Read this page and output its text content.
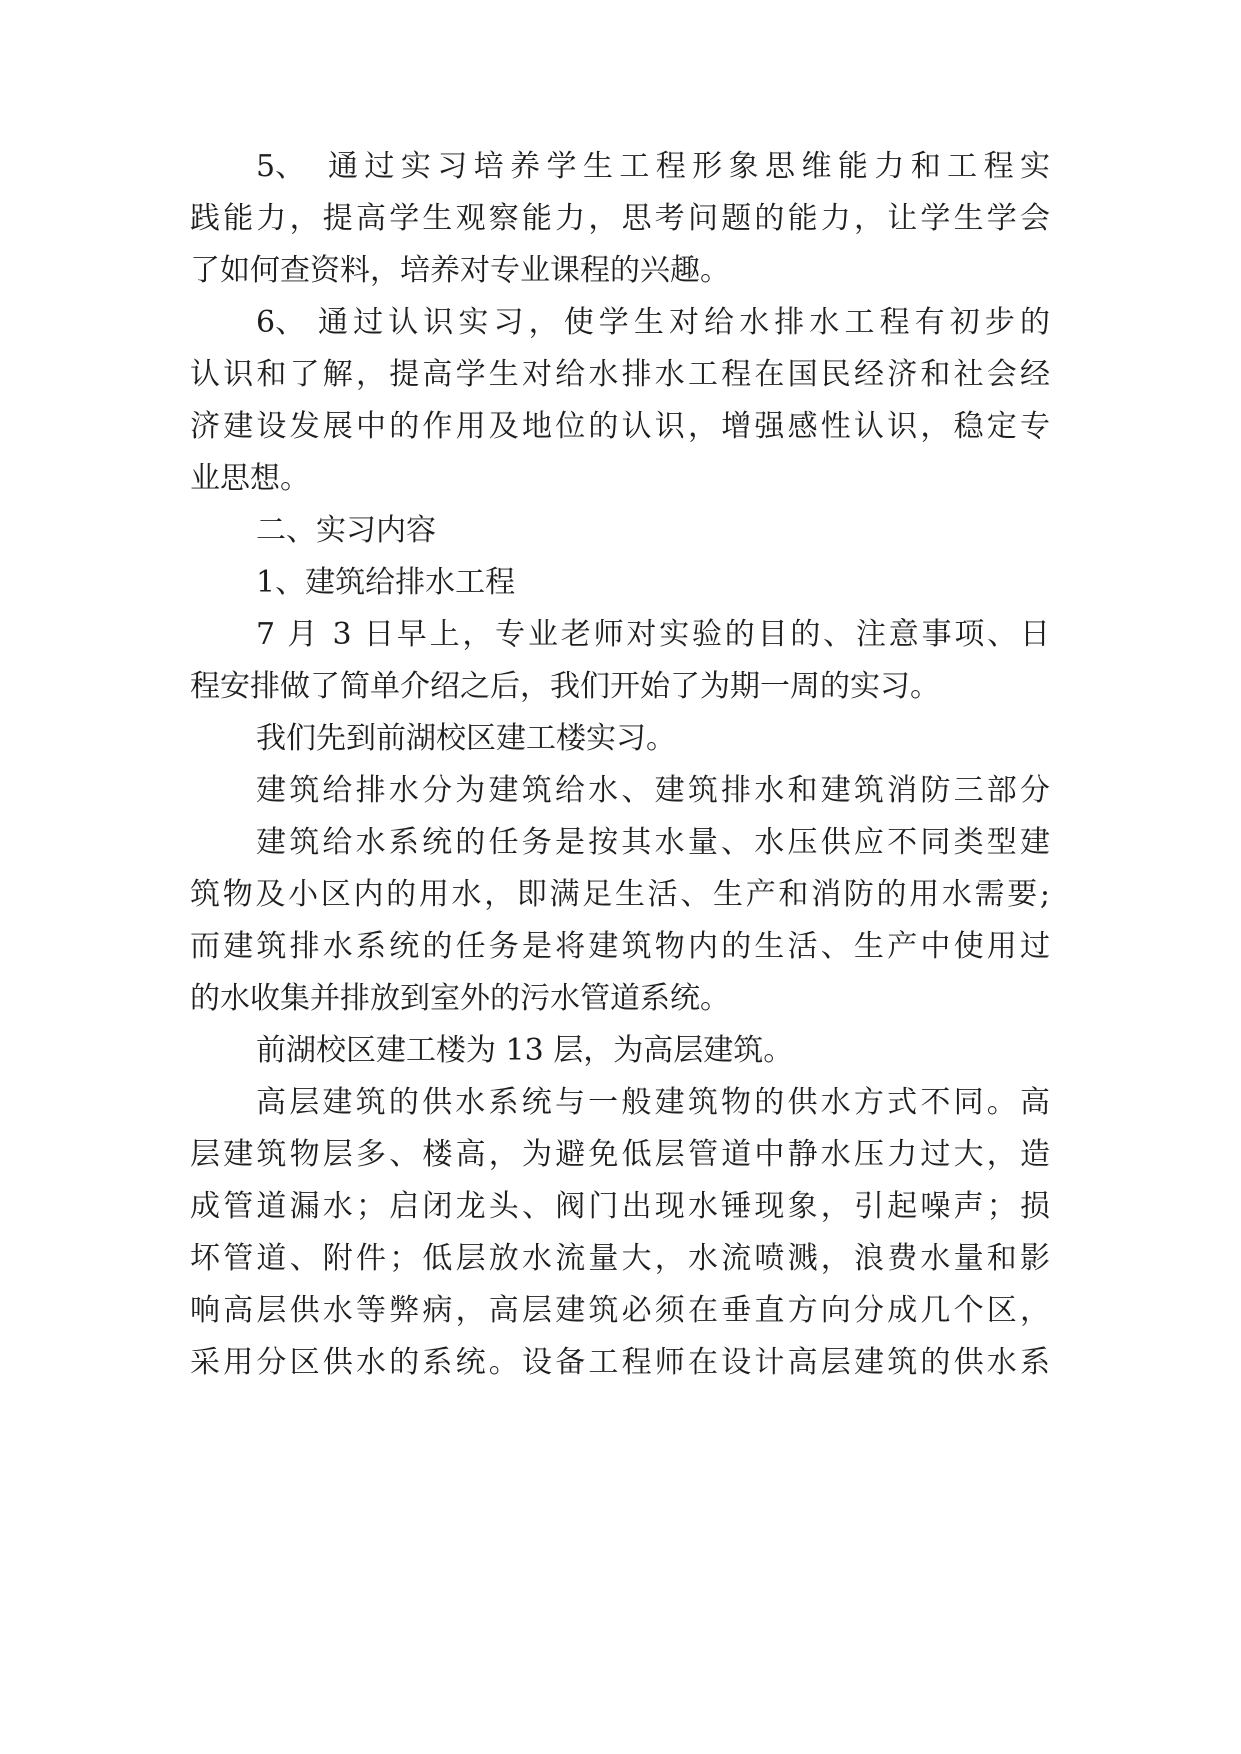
5、 通过实习培养学生工程形象思维能力和工程实
践能力，提高学生观察能力，思考问题的能力，让学生学会
了如何查资料，培养对专业课程的兴趣。
6、 通过认识实习，使学生对给水排水工程有初步的
认识和了解，提高学生对给水排水工程在国民经济和社会经
济建设发展中的作用及地位的认识，增强感性认识，稳定专
业思想。
二、实习内容
1、建筑给排水工程
7 月 3 日早上，专业老师对实验的目的、注意事项、日
程安排做了简单介绍之后，我们开始了为期一周的实习。
我们先到前湖校区建工楼实习。
建筑给排水分为建筑给水、建筑排水和建筑消防三部分
建筑给水系统的任务是按其水量、水压供应不同类型建
筑物及小区内的用水，即满足生活、生产和消防的用水需要;
而建筑排水系统的任务是将建筑物内的生活、生产中使用过
的水收集并排放到室外的污水管道系统。
前湖校区建工楼为 13 层，为高层建筑。
高层建筑的供水系统与一般建筑物的供水方式不同。高
层建筑物层多、楼高，为避免低层管道中静水压力过大，造
成管道漏水；启闭龙头、阀门出现水锤现象，引起噪声；损
坏管道、附件；低层放水流量大，水流喷溅，浪费水量和影
响高层供水等弊病，高层建筑必须在垂直方向分成几个区，
采用分区供水的系统。设备工程师在设计高层建筑的供水系
